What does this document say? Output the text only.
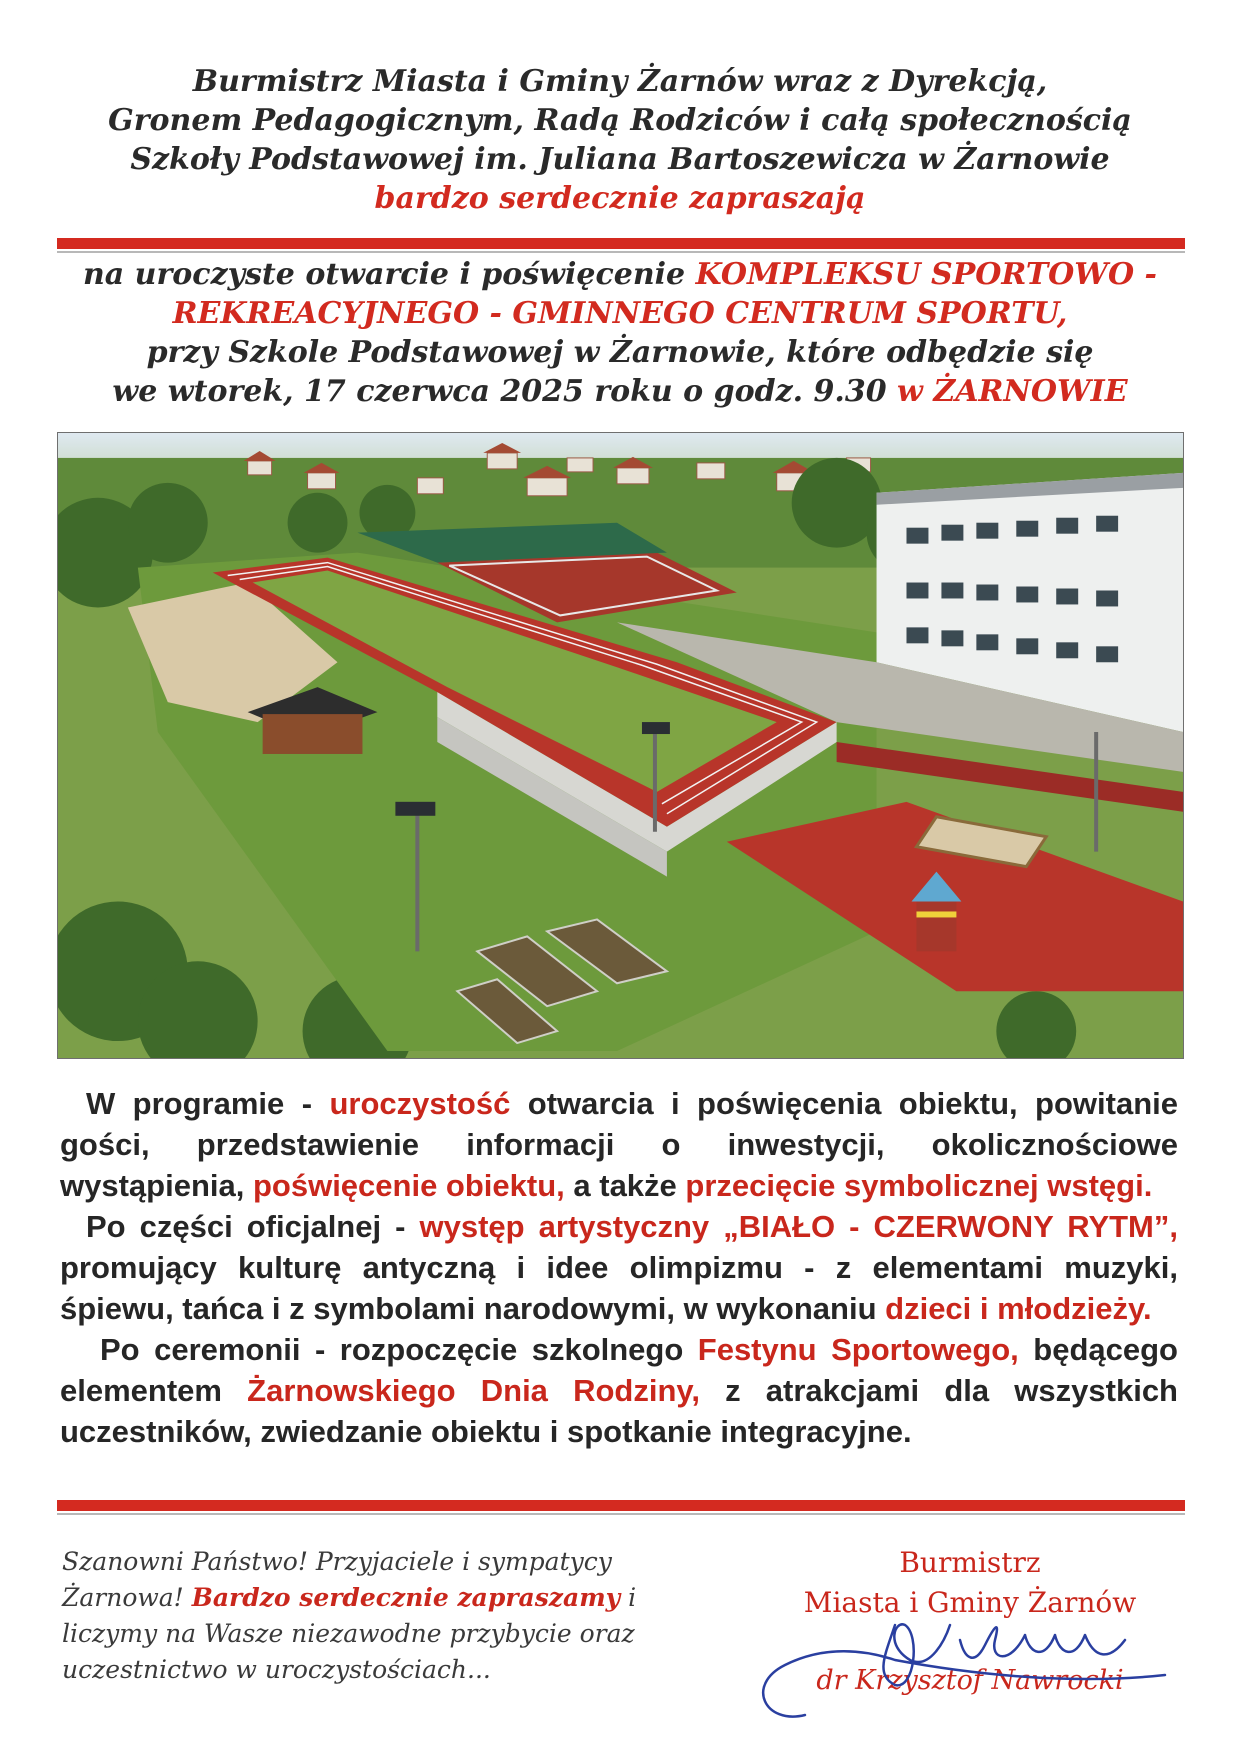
Burmistrz Miasta i Gminy Żarnów wraz z Dyrekcją,
Gronem Pedagogicznym, Radą Rodziców i całą społecznością
Szkoły Podstawowej im. Juliana Bartoszewicza w Żarnowie
bardzo serdecznie zapraszają
na uroczyste otwarcie i poświęcenie KOMPLEKSU SPORTOWO -
REKREACYJNEGO - GMINNEGO CENTRUM SPORTU,
przy Szkole Podstawowej w Żarnowie, które odbędzie się
we wtorek, 17 czerwca 2025 roku o godz. 9.30 w ŻARNOWIE

W programie - uroczystość otwarcia i poświęcenia obiektu, powitanie gości, przedstawienie informacji o inwestycji, okolicznościowe wystąpienia, poświęcenie obiektu, a także przecięcie symbolicznej wstęgi.

Po części oficjalnej - występ artystyczny „BIAŁO - CZERWONY RYTM”, promujący kulturę antyczną i idee olimpizmu - z elementami muzyki, śpiewu, tańca i z symbolami narodowymi, w wykonaniu dzieci i młodzieży.

Po ceremonii - rozpoczęcie szkolnego Festynu Sportowego, będącego elementem Żarnowskiego Dnia Rodziny, z atrakcjami dla wszystkich uczestników, zwiedzanie obiektu i spotkanie integracyjne.

Szanowni Państwo! Przyjaciele i sympatycy Żarnowa! Bardzo serdecznie zapraszamy i liczymy na Wasze niezawodne przybycie oraz uczestnictwo w uroczystościach...
Burmistrz
Miasta i Gminy Żarnów
dr Krzysztof Nawrocki
